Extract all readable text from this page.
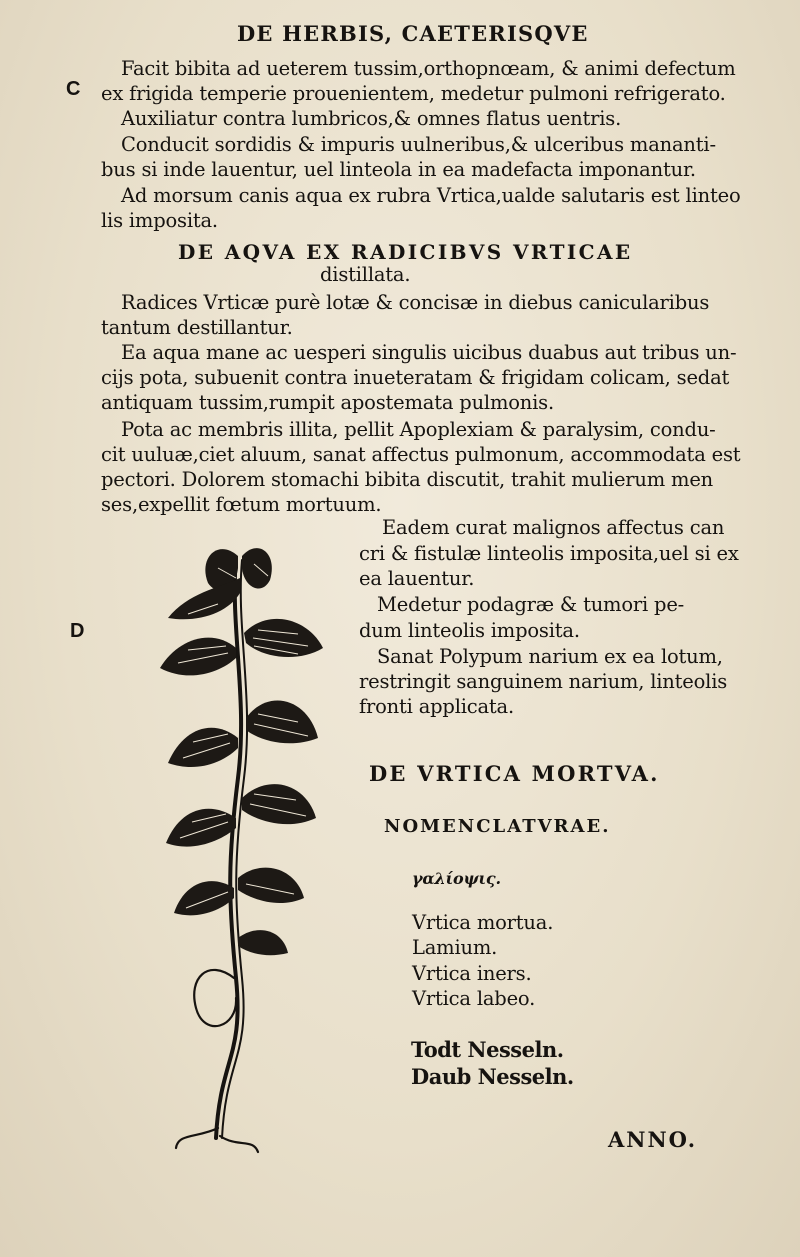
DE HERBIS, CAETERISQVE
C
D
Facit bibita ad ueterem tussim,orthopnœam, & animi defectum
ex frigida temperie prouenientem, medetur pulmoni refrigerato.
Auxiliatur contra lumbricos,& omnes flatus uentris.
Conducit sordidis & impuris uulneribus,& ulceribus mananti-
bus si inde lauentur, uel linteola in ea madefacta imponantur.
Ad morsum canis aqua ex rubra Vrtica,ualde salutaris est linteo
lis imposita.
DE AQVA EX RADICIBVS VRTICAE
distillata.
Radices Vrticæ purè lotæ & concisæ in diebus canicularibus
tantum destillantur.
Ea aqua mane ac uesperi singulis uicibus duabus aut tribus un-
cijs pota, subuenit contra inueteratam & frigidam colicam, sedat
antiquam tussim,rumpit apostemata pulmonis.
Pota ac membris illita, pellit Apoplexiam & paralysim, condu-
cit uuluæ,ciet aluum, sanat affectus pulmonum, accommodata est
pectori. Dolorem stomachi bibita discutit, trahit mulierum men
ses,expellit fœtum mortuum.
Eadem curat malignos affectus can
cri & fistulæ linteolis imposita,uel si ex
ea lauentur.
Medetur podagræ & tumori pe-
dum linteolis imposita.
Sanat Polypum narium ex ea lotum,
restringit sanguinem narium, linteolis
fronti applicata.
DE VRTICA MORTVA.
NOMENCLATVRAE.
γαλίοψις.
Vrtica mortua.
Lamium.
Vrtica iners.
Vrtica labeo.
Todt Nesseln.
Daub Nesseln.
ANNO.
